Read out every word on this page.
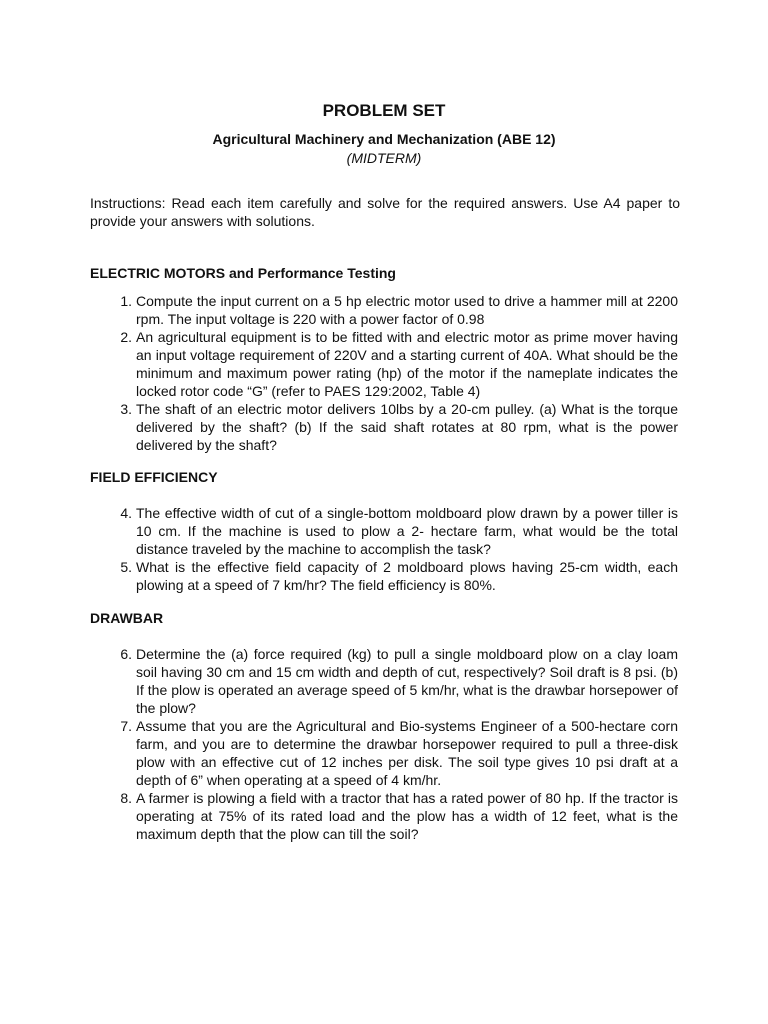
PROBLEM SET
Agricultural Machinery and Mechanization (ABE 12)
(MIDTERM)

Instructions: Read each item carefully and solve for the required answers. Use A4 paper to provide your answers with solutions.

ELECTRIC MOTORS and Performance Testing
1. Compute the input current on a 5 hp electric motor used to drive a hammer mill at 2200 rpm. The input voltage is 220 with a power factor of 0.98
2. An agricultural equipment is to be fitted with and electric motor as prime mover having an input voltage requirement of 220V and a starting current of 40A. What should be the minimum and maximum power rating (hp) of the motor if the nameplate indicates the locked rotor code “G” (refer to PAES 129:2002, Table 4)
3. The shaft of an electric motor delivers 10lbs by a 20-cm pulley. (a) What is the torque delivered by the shaft? (b) If the said shaft rotates at 80 rpm, what is the power delivered by the shaft?
FIELD EFFICIENCY
4. The effective width of cut of a single-bottom moldboard plow drawn by a power tiller is 10 cm. If the machine is used to plow a 2- hectare farm, what would be the total distance traveled by the machine to accomplish the task?
5. What is the effective field capacity of 2 moldboard plows having 25-cm width, each plowing at a speed of 7 km/hr? The field efficiency is 80%.
DRAWBAR
6. Determine the (a) force required (kg) to pull a single moldboard plow on a clay loam soil having 30 cm and 15 cm width and depth of cut, respectively? Soil draft is 8 psi. (b) If the plow is operated an average speed of 5 km/hr, what is the drawbar horsepower of the plow?
7. Assume that you are the Agricultural and Bio-systems Engineer of a 500-hectare corn farm, and you are to determine the drawbar horsepower required to pull a three-disk plow with an effective cut of 12 inches per disk. The soil type gives 10 psi draft at a depth of 6” when operating at a speed of 4 km/hr.
8. A farmer is plowing a field with a tractor that has a rated power of 80 hp. If the tractor is operating at 75% of its rated load and the plow has a width of 12 feet, what is the maximum depth that the plow can till the soil?
